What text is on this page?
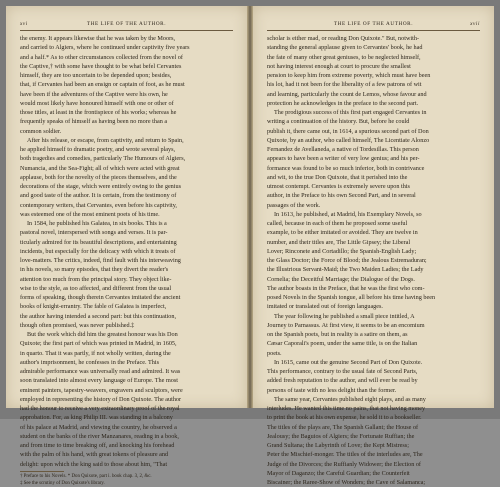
xvi	THE LIFE OF THE AUTHOR.
the enemy. It appears likewise that he was taken by the Moors,
and carried to Algiers, where he continued under captivity five years
and a half.* As to other circumstances collected from the novel of
the Captive,† with some have thought to be what befel Cervantes
himself, they are too uncertain to be depended upon; besides,
that, if Cervantes had been an ensign or captain of foot, as he must
have been if the adventures of the Captive were his own, he
would most likely have honoured himself with one or other of
those titles, at least in the frontispiece of his works; whereas he
frequently speaks of himself as having been no more than a
common soldier.
After his release, or escape, from captivity, and return to Spain,
he applied himself to dramatic poetry, and wrote several plays,
both tragedies and comedies, particularly The Humours of Algiers,
Numancia, and the Sea-Fight; all of which were acted with great
applause, both for the novelty of the pieces themselves, and the
decorations of the stage, which were entirely owing to the genius
and good taste of the author. It is certain, from the testimony of
contemporary writers, that Cervantes, even before his captivity,
was esteemed one of the most eminent poets of his time.
In 1584, he published his Galatea, in six books. This is a
pastoral novel, interspersed with songs and verses. It is par-
ticularly admired for its beautiful descriptions, and entertaining
incidents, but especially for the delicacy with which it treats of
love-matters. The critics, indeed, find fault with his interweaving
in his novels, so many episodes, that they divert the reader's
attention too much from the principal story. They object like-
wise to the style, as too affected, and different from the usual
forms of speaking, though therein Cervantes imitated the ancient
books of knight-errantry. The fable of Galatea is imperfect,
the author having intended a second part: but this continuation,
though often promised, was never published.‡
But the work which did him the greatest honour was his Don
Quixote; the first part of which was printed in Madrid, in 1605,
in quarto. That it was partly, if not wholly written, during the
author's imprisonment, he confesses in the Preface. This
admirable performance was universally read and admired. It was
soon translated into almost every language of Europe. The most
eminent painters, tapestry-weavers, engravers and sculptors, were
employed in representing the history of Don Quixote. The author
had the honour to receive a very extraordinary proof of the royal
approbation. For, as king Philip III. was standing in a balcony
of his palace at Madrid, and viewing the country, he observed a
student on the banks of the river Manzanares, reading in a book,
and from time to time breaking off, and knocking his forehead
with the palm of his hand, with great tokens of pleasure and
delight: upon which the king said to those about him, "That
† Preface to his Novels. * Don Quixote, part i. book chap. 3, 2, &c.
‡ See the scrutiny of Don Quixote's library.
THE LIFE OF THE AUTHOR.	xvii
scholar is either mad, or reading Don Quixote." But, notwith-
standing the general applause given to Cervantes' book, he had
the fate of many other great geniuses, to be neglected himself,
not having interest enough at court to procure the smallest
pension to keep him from extreme poverty, which must have been
his lot, had it not been for the liberality of a few patrons of wit
and learning, particularly the count de Lemos, whose favour and
protection he acknowledges in the preface to the second part.
The prodigious success of this first part engaged Cervantes in
writing a continuation of the history. But, before he could
publish it, there came out, in 1614, a spurious second part of Don
Quixote, by an author, who called himself, The Licentiate Alonzo
Fernandez de Avellaneda, a native of Tordesillas. This person
appears to have been a writer of very low genius; and his per-
formance was found to be so much inferior, both in contrivance
and wit, to the true Don Quixote, that it perished into the
utmost contempt. Cervantes is extremely severe upon this
author, in the Preface to his own Second Part, and in several
passages of the work.
In 1613, he published, at Madrid, his Exemplary Novels, so
called, because in each of them he proposed some useful
example, to be either imitated or avoided. They are twelve in
number, and their titles are, The Little Gipsey; the Liberal
Lover; Rinconete and Cortadillo; the Spanish-English Lady;
the Glass Doctor; the Force of Blood; the Jealous Estremaduran;
the Illustrious Servant-Maid; the Two Maiden Ladies; the Lady
Cornelia; the Deceitful Marriage; the Dialogue of the Dogs.
The author boasts in the Preface, that he was the first who com-
posed Novels in the Spanish tongue, all before his time having been
imitated or translated out of foreign languages.
The year following he published a small piece intitled, A
Journey to Parnassus. At first view, it seems to be an encomium
on the Spanish poets, but in reality is a satire on them, as
Cæsar Caporali's poem, under the same title, is on the Italian
poets.
In 1615, came out the genuine Second Part of Don Quixote.
This performance, contrary to the usual fate of Second Parts,
added fresh reputation to the author, and will ever be read by
persons of taste with no less delight than the former.
The same year, Cervantes published eight plays, and as many
interludes. He wanted this time no pains, that not having money
to print the book at his own expense, he sold it to a bookseller.
The titles of the plays are, The Spanish Gallant; the House of
Jealousy; the Baguios of Algiers; the Fortunate Ruffian; the
Grand Sultana; the Labyrinth of Love; the Kept Mistress;
Peter the Mischief-monger. The titles of the interludes are, The
Judge of the Divorces; the Ruffianly Widower; the Election of
Mayor of Daganzo; the Careful Guardian; the Counterfeit
Biscainer; the Raree-Show of Wonders; the Cave of Salamanca;
